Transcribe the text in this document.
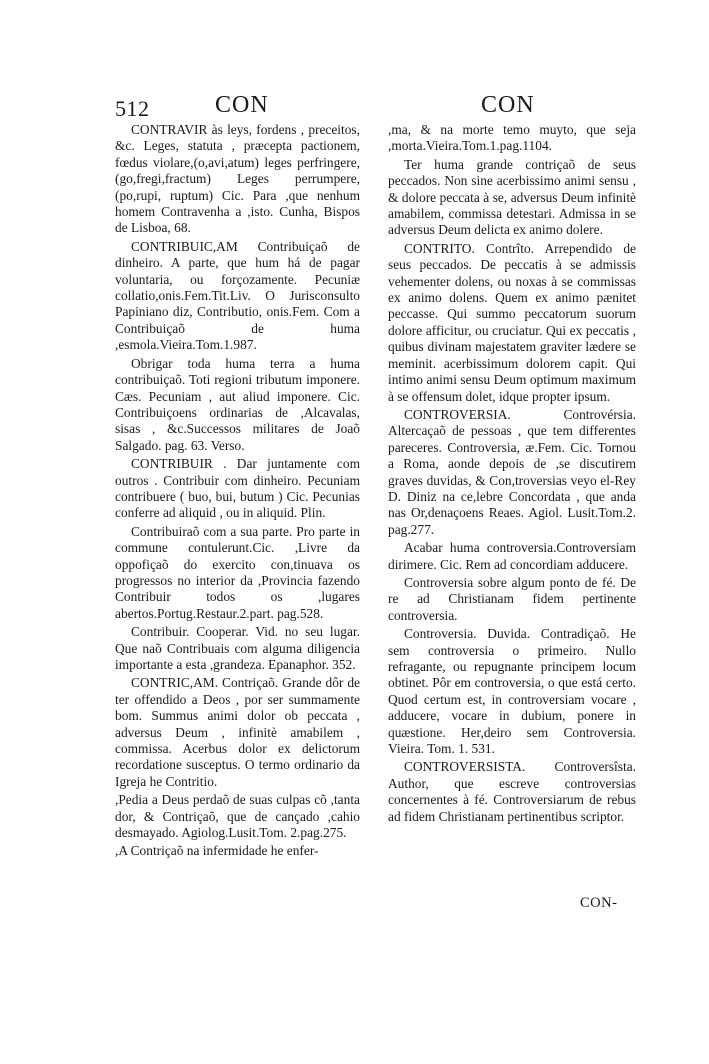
512	CON	CON

CONTRAVIR às leys, fordens , preceitos, &c. Leges, statuta , præcepta pactionem, fœdus violare,(o,avi,atum) leges perfringere,(go,fregi,fractum) Leges perrumpere, (po,rupi, ruptum) Cic. Para ,que nenhum homem Contravenha a ,isto. Cunha, Bispos de Lisboa, 68.

CONTRIBUIC,AM Contribuiçaõ de dinheiro. A parte, que hum há de pagar voluntaria, ou forçozamente. Pecuniæ collatio,onis.Fem.Tit.Liv. O Jurisconsulto Papiniano diz, Contributio, onis.Fem. Com a Contribuiçaõ de huma ,esmola.Vieira.Tom.1.987.

Obrigar toda huma terra a huma contribuiçaõ. Toti regioni tributum imponere. Cæs. Pecuniam , aut aliud imponere. Cic. Contribuiçoens ordinarias de ,Alcavalas, sisas , &c.Successos militares de Joaõ Salgado. pag. 63. Verso.

CONTRIBUIR . Dar juntamente com outros . Contribuir com dinheiro. Pecuniam contribuere ( buo, bui, butum ) Cic. Pecunias conferre ad aliquid , ou in aliquid. Plin.

Contribuiraõ com a sua parte. Pro parte in commune contulerunt.Cic. ,Livre da oppofiçaõ do exercito con,tinuava os progressos no interior da ,Provincia fazendo Contribuir todos os ,lugares abertos.Portug.Restaur.2.part. pag.528.

Contribuir. Cooperar. Vid. no seu lugar. Que naõ Contribuais com alguma diligencia importante a esta ,grandeza. Epanaphor. 352.

CONTRIC,AM. Contriçaõ. Grande dôr de ter offendido a Deos , por ser summamente bom. Summus animi dolor ob peccata , adversus Deum , infinitè amabilem , commissa. Acerbus dolor ex delictorum recordatione susceptus. O termo ordinario da Igreja he Contritio.

,Pedia a Deus perdaõ de suas culpas cõ ,tanta dor, & Contriçaõ, que de cançado ,cahio desmayado. Agiolog.Lusit.Tom. 2.pag.275.

,A Contriçaõ na infermidade he enfer-

,ma, & na morte temo muyto, que seja ,morta.Vieira.Tom.1.pag.1104.

Ter huma grande contriçaõ de seus peccados. Non sine acerbissimo animi sensu , & dolore peccata à se, adversus Deum infinitè amabilem, commissa detestari. Admissa in se adversus Deum delicta ex animo dolere.

CONTRITO. Contrîto. Arrependido de seus peccados. De peccatis à se admissis vehementer dolens, ou noxas à se commissas ex animo dolens. Quem ex animo pænitet peccasse. Qui summo peccatorum suorum dolore afficitur, ou cruciatur. Qui ex peccatis , quibus divinam majestatem graviter lædere se meminit. acerbissimum dolorem capit. Qui intimo animi sensu Deum optimum maximum à se offensum dolet, idque propter ipsum.

CONTROVERSIA. Controvérsia. Altercaçaõ de pessoas , que tem differentes pareceres. Controversia, æ.Fem. Cic. Tornou a Roma, aonde depois de ,se discutirem graves duvidas, & Con,troversias veyo el-Rey D. Diniz na ce,lebre Concordata , que anda nas Or,denaçoens Reaes. Agiol. Lusit.Tom.2. pag.277.

Acabar huma controversia.Controversiam dirimere. Cic. Rem ad concordiam adducere.

Controversia sobre algum ponto de fé. De re ad Christianam fidem pertinente controversia.

Controversia. Duvida. Contradiçaõ. He sem controversia o primeiro. Nullo refragante, ou repugnante principem locum obtinet. Pôr em controversia, o que está certo. Quod certum est, in controversiam vocare , adducere, vocare in dubium, ponere in quæstione. Her,deiro sem Controversia. Vieira. Tom. 1. 531.

CONTROVERSISTA. Controversîsta. Author, que escreve controversias concernentes à fé. Controversiarum de rebus ad fidem Christianam pertinentibus scriptor.

CON-
